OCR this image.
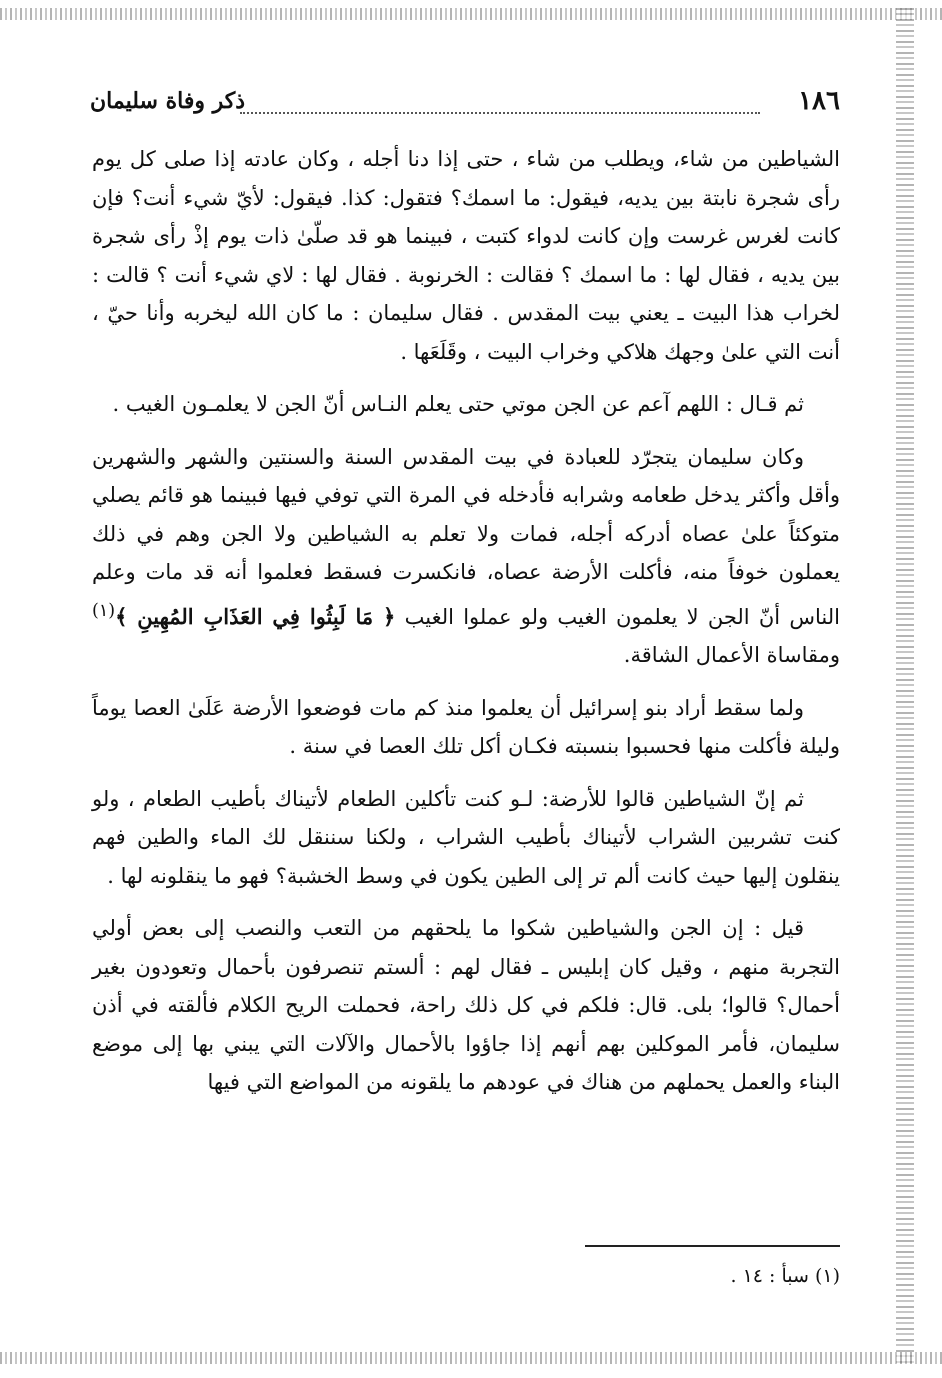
١٨٦
ذكر وفاة سليمان

الشياطين من شاء، ويطلب من شاء ، حتى إذا دنا أجله ، وكان عادته إذا صلى كل يوم رأى شجرة نابتة بين يديه، فيقول: ما اسمك؟ فتقول: كذا. فيقول: لأيّ شيء أنت؟ فإن كانت لغرس غرست وإن كانت لدواء كتبت ، فبينما هو قد صلّىٰ ذات يوم إذْ رأى شجرة بين يديه ، فقال لها : ما اسمك ؟ فقالت : الخرنوبة . فقال لها : لاي شيء أنت ؟ قالت : لخراب هذا البيت ـ يعني بيت المقدس . فقال سليمان : ما كان الله ليخربه وأنا حيّ ، أنت التي علىٰ وجهك هلاكي وخراب البيت ، وقَلَعَها .

ثم قـال : اللهم آعم عن الجن موتي حتى يعلم النـاس أنّ الجن لا يعلمـون الغيب .

وكان سليمان يتجرّد للعبادة في بيت المقدس السنة والسنتين والشهر والشهرين وأقل وأكثر يدخل طعامه وشرابه فأدخله في المرة التي توفي فيها فبينما هو قائم يصلي متوكئاً علىٰ عصاه أدركه أجله، فمات ولا تعلم به الشياطين ولا الجن وهم في ذلك يعملون خوفاً منه، فأكلت الأرضة عصاه، فانكسرت فسقط فعلموا أنه قد مات وعلم الناس أنّ الجن لا يعلمون الغيب ولو عملوا الغيب ﴿ مَا لَبِثُوا فِي العَذَابِ المُهِينِ ﴾$^{(١)}$ ومقاساة الأعمال الشاقة.

ولما سقط أراد بنو إسرائيل أن يعلموا منذ كم مات فوضعوا الأرضة عَلَىٰ العصا يوماً وليلة فأكلت منها فحسبوا بنسبته فكـان أكل تلك العصا في سنة .

ثم إنّ الشياطين قالوا للأرضة: لـو كنت تأكلين الطعام لأتيناك بأطيب الطعام ، ولو كنت تشربين الشراب لأتيناك بأطيب الشراب ، ولكنا سننقل لك الماء والطين فهم ينقلون إليها حيث كانت ألم تر إلى الطين يكون في وسط الخشبة؟ فهو ما ينقلونه لها .

قيل : إن الجن والشياطين شكوا ما يلحقهم من التعب والنصب إلى بعض أولي التجربة منهم ، وقيل كان إبليس ـ فقال لهم : ألستم تنصرفون بأحمال وتعودون بغير أحمال؟ قالوا؛ بلى. قال: فلكم في كل ذلك راحة، فحملت الريح الكلام فألقته في أذن سليمان، فأمر الموكلين بهم أنهم إذا جاؤوا بالأحمال والآلات التي يبني بها إلى موضع البناء والعمل يحملهم من هناك في عودهم ما يلقونه من المواضع التي فيها

(١) سبأ : ١٤ .
